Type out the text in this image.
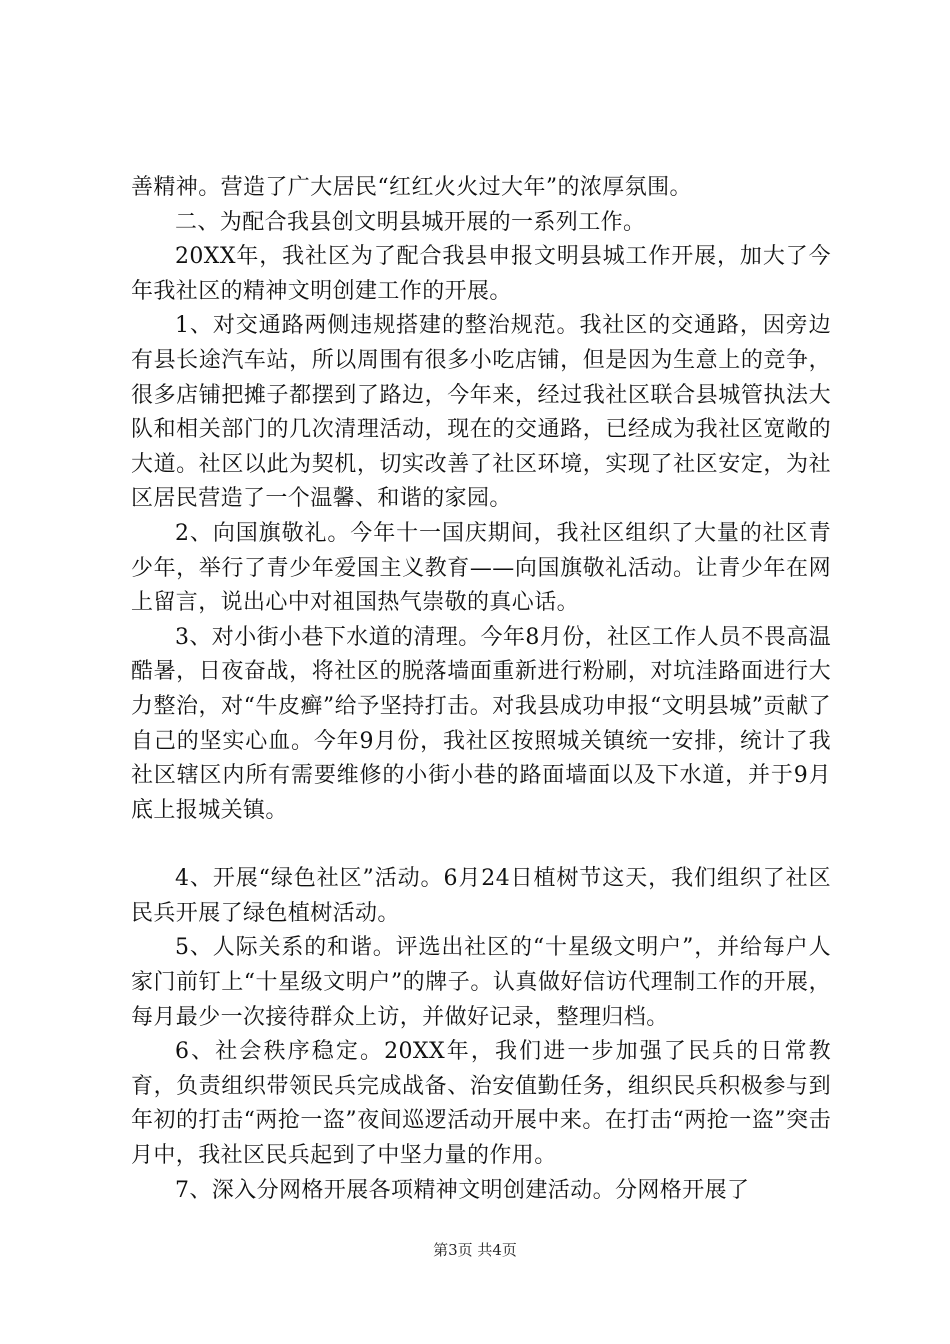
善精神。营造了广大居民“红红火火过大年”的浓厚氛围。

二、为配合我县创文明县城开展的一系列工作。

20XX年，我社区为了配合我县申报文明县城工作开展，加大了今年我社区的精神文明创建工作的开展。

1、对交通路两侧违规搭建的整治规范。我社区的交通路，因旁边有县长途汽车站，所以周围有很多小吃店铺，但是因为生意上的竞争，很多店铺把摊子都摆到了路边，今年来，经过我社区联合县城管执法大队和相关部门的几次清理活动，现在的交通路，已经成为我社区宽敞的大道。社区以此为契机，切实改善了社区环境，实现了社区安定，为社区居民营造了一个温馨、和谐的家园。

2、向国旗敬礼。今年十一国庆期间，我社区组织了大量的社区青少年，举行了青少年爱国主义教育——向国旗敬礼活动。让青少年在网上留言，说出心中对祖国热气崇敬的真心话。

3、对小街小巷下水道的清理。今年8月份，社区工作人员不畏高温酷暑，日夜奋战，将社区的脱落墙面重新进行粉刷，对坑洼路面进行大力整治，对“牛皮癣”给予坚持打击。对我县成功申报“文明县城”贡献了自己的坚实心血。今年9月份，我社区按照城关镇统一安排，统计了我社区辖区内所有需要维修的小街小巷的路面墙面以及下水道，并于9月底上报城关镇。

4、开展“绿色社区”活动。6月24日植树节这天，我们组织了社区民兵开展了绿色植树活动。

5、人际关系的和谐。评选出社区的“十星级文明户”，并给每户人家门前钉上“十星级文明户”的牌子。认真做好信访代理制工作的开展，每月最少一次接待群众上访，并做好记录，整理归档。

6、社会秩序稳定。20XX年，我们进一步加强了民兵的日常教育，负责组织带领民兵完成战备、治安值勤任务，组织民兵积极参与到年初的打击“两抢一盗”夜间巡逻活动开展中来。在打击“两抢一盗”突击月中，我社区民兵起到了中坚力量的作用。

7、深入分网格开展各项精神文明创建活动。分网格开展了

第3页 共4页
